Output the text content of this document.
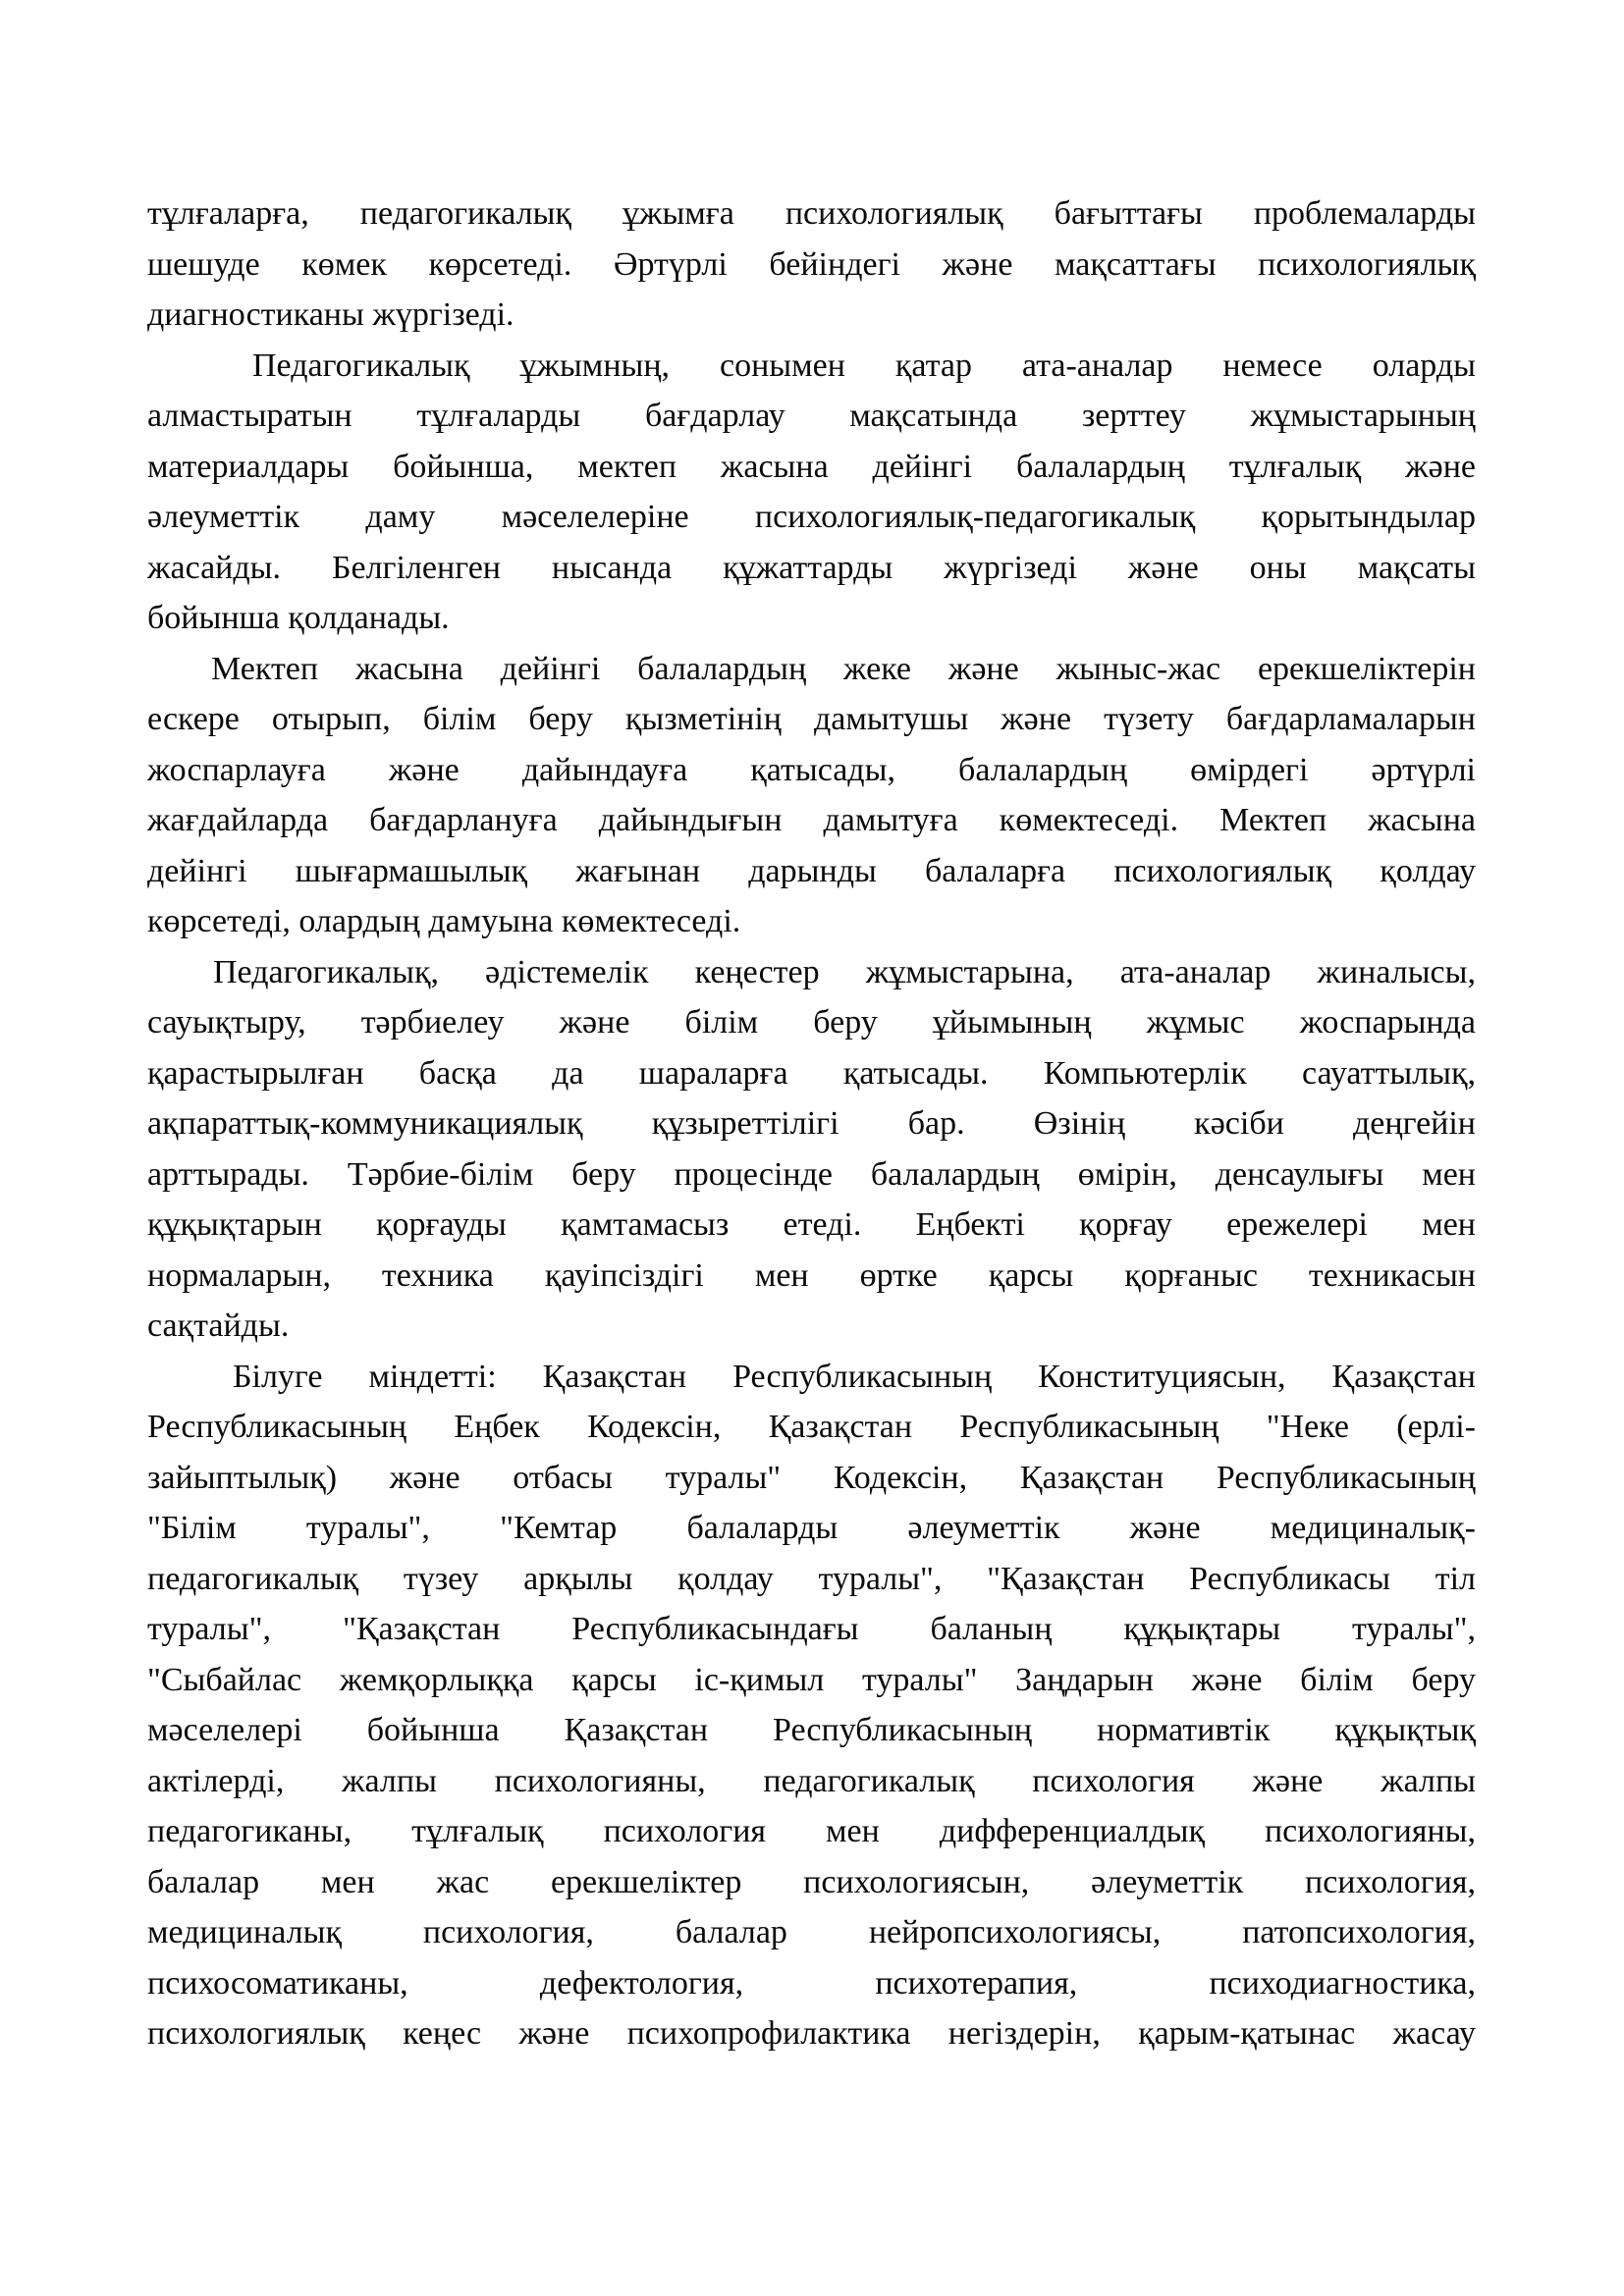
тұлғаларға, педагогикалық ұжымға психологиялық бағыттағы проблемаларды
шешуде көмек көрсетеді. Әртүрлі бейіндегі және мақсаттағы психологиялық
диагностиканы жүргізеді.
Педагогикалық ұжымның, сонымен қатар ата-аналар немесе оларды
алмастыратын тұлғаларды бағдарлау мақсатында зерттеу жұмыстарының
материалдары бойынша, мектеп жасына дейінгі балалардың тұлғалық және
әлеуметтік даму мәселелеріне психологиялық-педагогикалық қорытындылар
жасайды. Белгіленген нысанда құжаттарды жүргізеді және оны мақсаты
бойынша қолданады.
Мектеп жасына дейінгі балалардың жеке және жыныс-жас ерекшеліктерін
ескере отырып, білім беру қызметінің дамытушы және түзету бағдарламаларын
жоспарлауға және дайындауға қатысады, балалардың өмірдегі әртүрлі
жағдайларда бағдарлануға дайындығын дамытуға көмектеседі. Мектеп жасына
дейінгі шығармашылық жағынан дарынды балаларға психологиялық қолдау
көрсетеді, олардың дамуына көмектеседі.
Педагогикалық, әдістемелік кеңестер жұмыстарына, ата-аналар жиналысы,
сауықтыру, тәрбиелеу және білім беру ұйымының жұмыс жоспарында
қарастырылған басқа да шараларға қатысады. Компьютерлік сауаттылық,
ақпараттық-коммуникациялық құзыреттілігі бар. Өзінің кәсіби деңгейін
арттырады. Тәрбие-білім беру процесінде балалардың өмірін, денсаулығы мен
құқықтарын қорғауды қамтамасыз етеді. Еңбекті қорғау ережелері мен
нормаларын, техника қауіпсіздігі мен өртке қарсы қорғаныс техникасын
сақтайды.
Білуге міндетті: Қазақстан Республикасының Конституциясын, Қазақстан
Республикасының Еңбек Кодексін, Қазақстан Республикасының "Неке (ерлі-
зайыптылық) және отбасы туралы" Кодексін, Қазақстан Республикасының
"Білім туралы", "Кемтар балаларды әлеуметтік және медициналық-
педагогикалық түзеу арқылы қолдау туралы", "Қазақстан Республикасы тіл
туралы", "Қазақстан Республикасындағы баланың құқықтары туралы",
"Сыбайлас жемқорлыққа қарсы іс-қимыл туралы" Заңдарын және білім беру
мәселелері бойынша Қазақстан Республикасының нормативтік құқықтық
актілерді, жалпы психологияны, педагогикалық психология және жалпы
педагогиканы, тұлғалық психология мен дифференциалдық психологияны,
балалар мен жас ерекшеліктер психологиясын, әлеуметтік психология,
медициналық психология, балалар нейропсихологиясы, патопсихология,
психосоматиканы, дефектология, психотерапия, психодиагностика,
психологиялық кеңес және психопрофилактика негіздерін, қарым-қатынас жасау
